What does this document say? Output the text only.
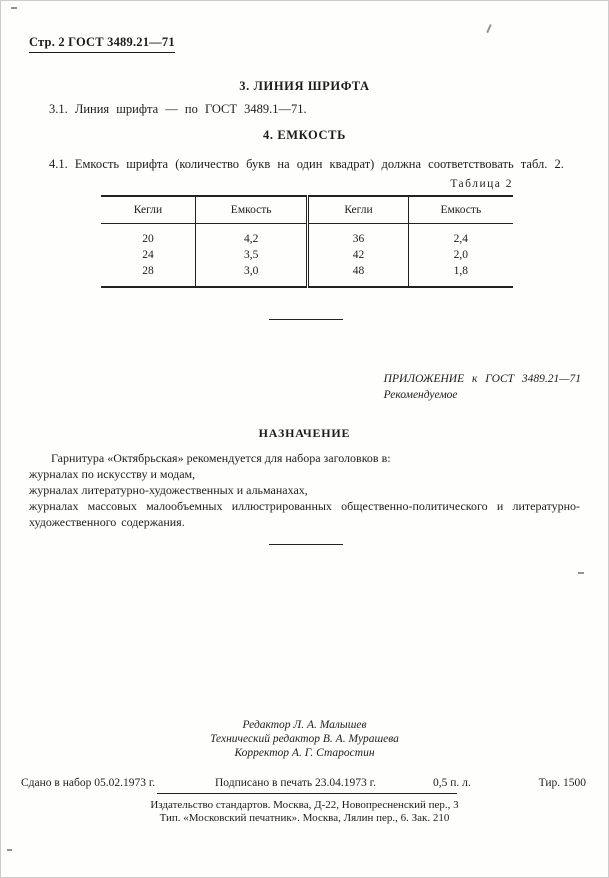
Стр. 2 ГОСТ 3489.21—71
3. ЛИНИЯ ШРИФТА
3.1. Линия шрифта — по ГОСТ 3489.1—71.
4. ЕМКОСТЬ
4.1. Емкость шрифта (количество букв на один квадрат) должна соответствовать табл. 2.
Таблица 2
Кегли	Емкость	Кегли	Емкость
20	4,2	36	2,4
24	3,5	42	2,0
28	3,0	48	1,8
ПРИЛОЖЕНИЕ к ГОСТ 3489.21—71
Рекомендуемое
НАЗНАЧЕНИЕ
Гарнитура «Октябрьская» рекомендуется для набора заголовков в:
журналах по искусству и модам,
журналах литературно-художественных и альманахах,
журналах массовых малообъемных иллюстрированных общественно-политического и литературно-художественного содержания.
Редактор Л. А. Малышев
Технический редактор В. А. Мурашева
Корректор А. Г. Старостин
Сдано в набор 05.02.1973 г.	Подписано в печать 23.04.1973 г.	0,5 п. л.	Тир. 1500
Издательство стандартов. Москва, Д-22, Новопресненский пер., 3
Тип. «Московский печатник». Москва, Лялин пер., 6. Зак. 210
